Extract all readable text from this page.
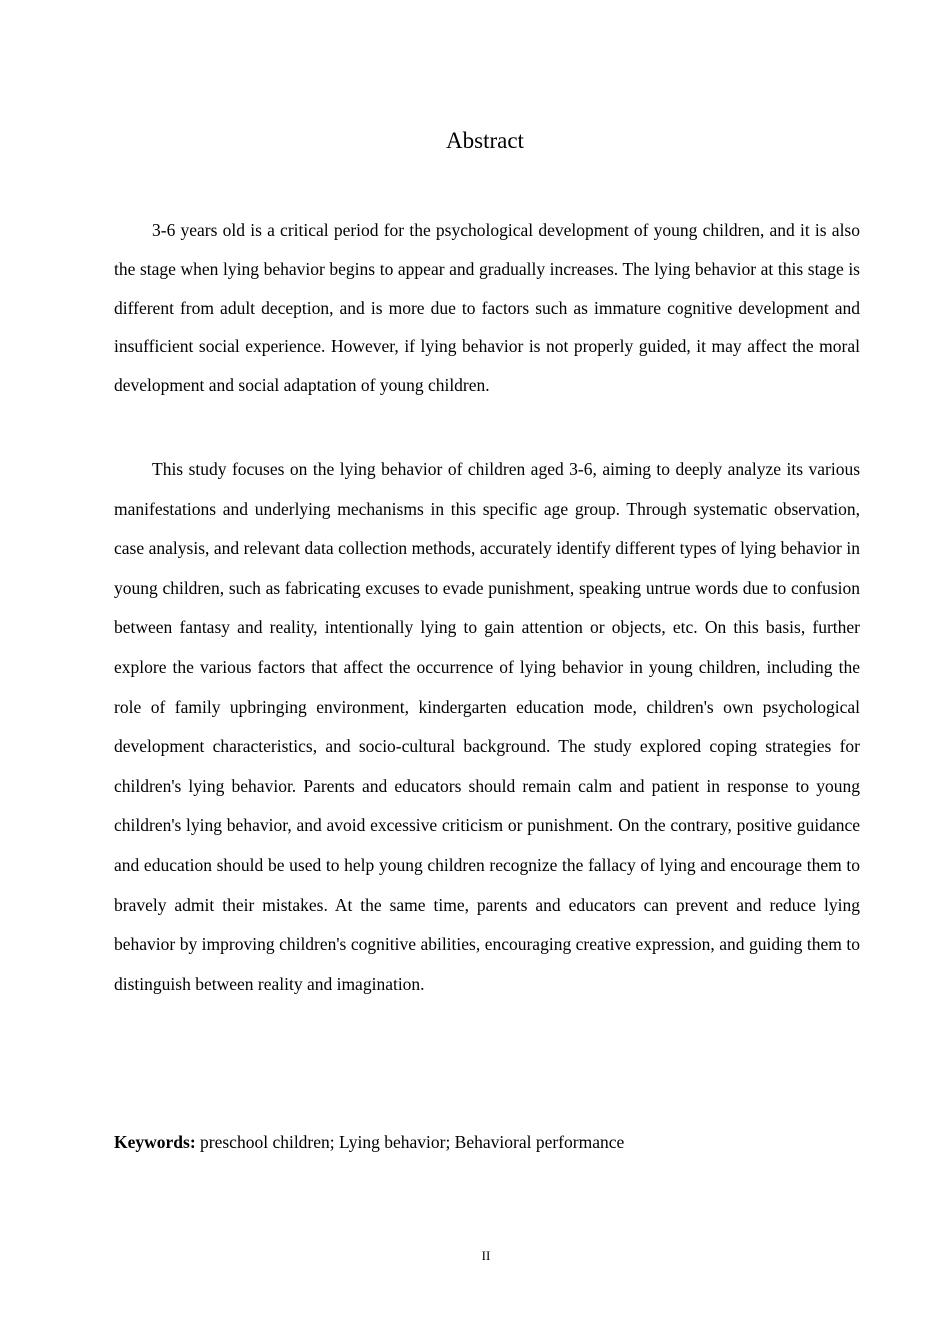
Abstract

3-6 years old is a critical period for the psychological development of young children, and it is also the stage when lying behavior begins to appear and gradually increases. The lying behavior at this stage is different from adult deception, and is more due to factors such as immature cognitive development and insufficient social experience. However, if lying behavior is not properly guided, it may affect the moral development and social adaptation of young children.

This study focuses on the lying behavior of children aged 3-6, aiming to deeply analyze its various manifestations and underlying mechanisms in this specific age group. Through systematic observation, case analysis, and relevant data collection methods, accurately identify different types of lying behavior in young children, such as fabricating excuses to evade punishment, speaking untrue words due to confusion between fantasy and reality, intentionally lying to gain attention or objects, etc. On this basis, further explore the various factors that affect the occurrence of lying behavior in young children, including the role of family upbringing environment, kindergarten education mode, children's own psychological development characteristics, and socio-cultural background. The study explored coping strategies for children's lying behavior. Parents and educators should remain calm and patient in response to young children's lying behavior, and avoid excessive criticism or punishment. On the contrary, positive guidance and education should be used to help young children recognize the fallacy of lying and encourage them to bravely admit their mistakes. At the same time, parents and educators can prevent and reduce lying behavior by improving children's cognitive abilities, encouraging creative expression, and guiding them to distinguish between reality and imagination.

Keywords: preschool children; Lying behavior; Behavioral performance

II
